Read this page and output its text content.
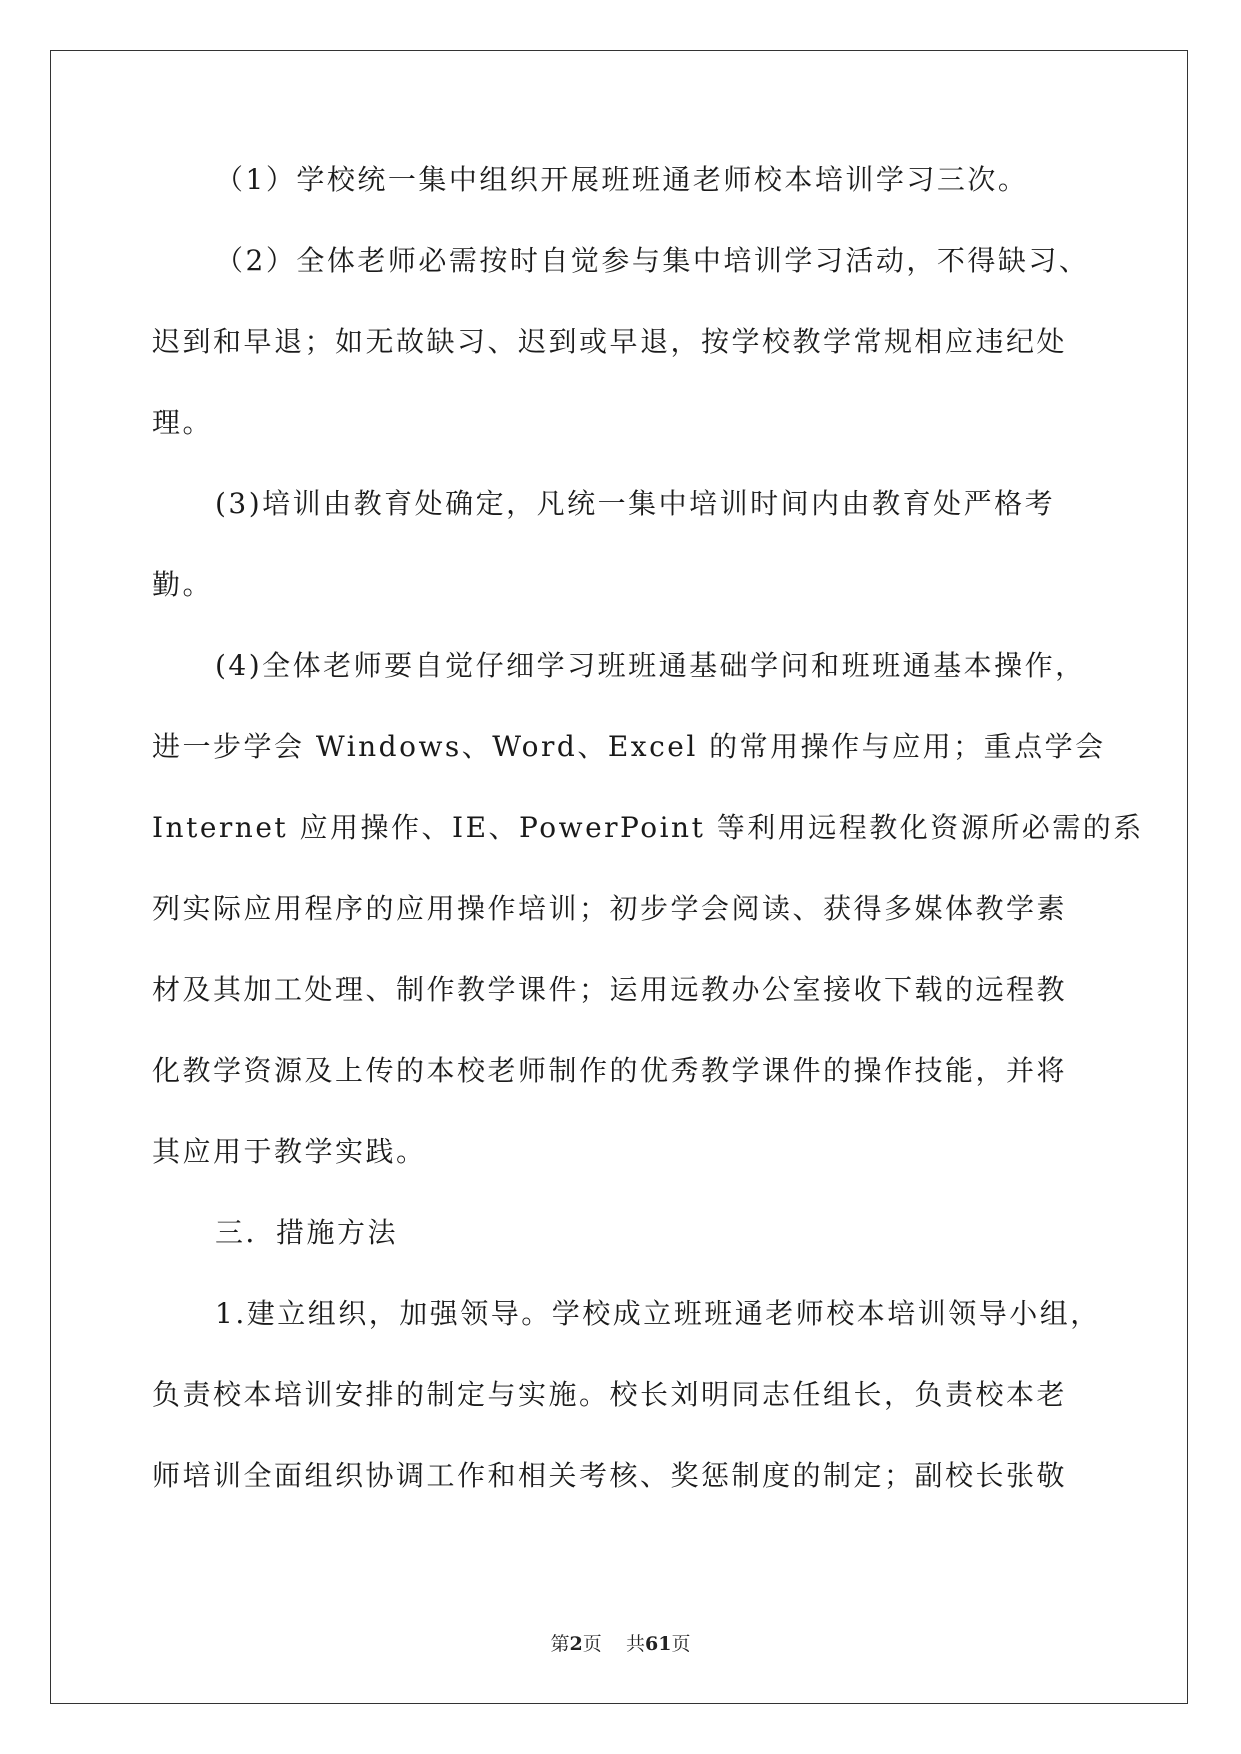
（1）学校统一集中组织开展班班通老师校本培训学习三次。
（2）全体老师必需按时自觉参与集中培训学习活动，不得缺习、
迟到和早退；如无故缺习、迟到或早退，按学校教学常规相应违纪处
理。
(3)培训由教育处确定，凡统一集中培训时间内由教育处严格考
勤。
(4)全体老师要自觉仔细学习班班通基础学问和班班通基本操作，
进一步学会 Windows、Word、Excel 的常用操作与应用；重点学会
Internet 应用操作、IE、PowerPoint 等利用远程教化资源所必需的系
列实际应用程序的应用操作培训；初步学会阅读、获得多媒体教学素
材及其加工处理、制作教学课件；运用远教办公室接收下载的远程教
化教学资源及上传的本校老师制作的优秀教学课件的操作技能，并将
其应用于教学实践。
三．措施方法
1.建立组织，加强领导。学校成立班班通老师校本培训领导小组，
负责校本培训安排的制定与实施。校长刘明同志任组长，负责校本老
师培训全面组织协调工作和相关考核、奖惩制度的制定；副校长张敬
第2页 共61页
